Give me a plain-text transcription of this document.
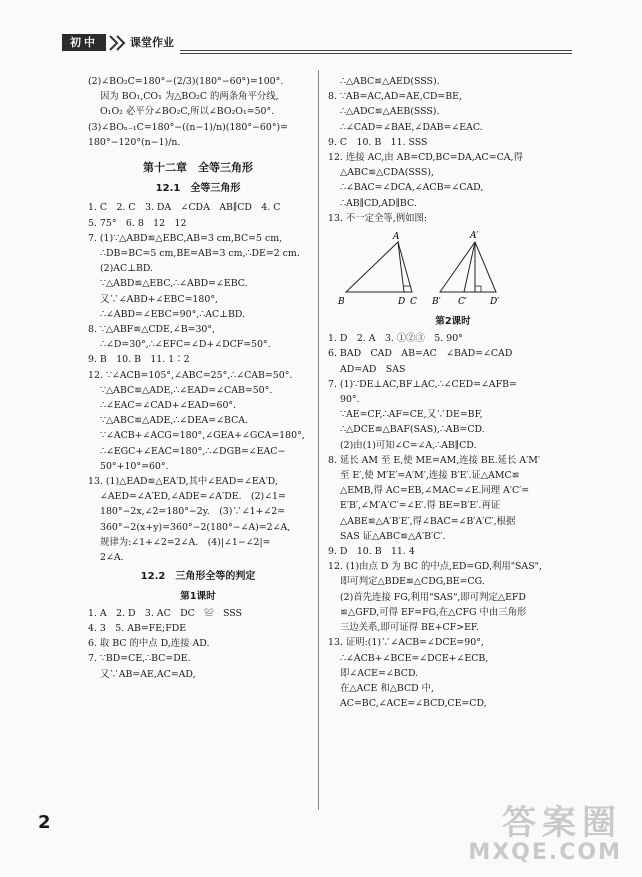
初中	课堂作业
(2)∠BO₂C=180°−(2/3)(180°−60°)=100°.
因为 BO₁,CO₁ 为△BO₂C 的两条角平分线,
O₁O₂ 必平分∠BO₂C,所以∠BO₂O₁=50°.
(3)∠BOₙ₋₁C=180°−((n−1)/n)(180°−60°)=
180°−120°(n−1)/n.
第十二章　全等三角形
12.1　全等三角形
1. C　2. C　3. DA　∠CDA　AB∥CD　4. C
5. 75°　6. 8　12　12
7. (1)∵△ABD≌△EBC,AB=3 cm,BC=5 cm,
∴DB=BC=5 cm,BE=AB=3 cm,∴DE=2 cm.
(2)AC⊥BD.
∵△ABD≌△EBC,∴∠ABD=∠EBC.
又∵∠ABD+∠EBC=180°,
∴∠ABD=∠EBC=90°,∴AC⊥BD.
8. ∵△ABF≌△CDE,∠B=30°,
∴∠D=30°,∴∠EFC=∠D+∠DCF=50°.
9. B　10. B　11. 1∶2
12. ∵∠ACB=105°,∠ABC=25°,∴∠CAB=50°.
∵△ABC≌△ADE,∴∠EAD=∠CAB=50°.
∴∠EAC=∠CAD+∠EAD=60°.
∵△ABC≌△ADE,∴∠DEA=∠BCA.
∵∠ACB+∠ACG=180°,∠GEA+∠GCA=180°,
∴∠EGC+∠EAC=180°,∴∠DGB=∠EAC−
50°+10°=60°.
13. (1)△EAD≌△EA′D,其中∠EAD=∠EA′D,
∠AED=∠A′ED,∠ADE=∠A′DE.　(2)∠1=
180°−2x,∠2=180°−2y.　(3)∵∠1+∠2=
360°−2(x+y)=360°−2(180°−∠A)=2∠A,
规律为:∠1+∠2=2∠A.　(4)|∠1−∠2|=
2∠A.
12.2　三角形全等的判定
第1课时
1. A　2. D　3. AC　DC　≌　SSS
4. 3　5. AB=FE;FDE
6. 取 BC 的中点 D,连接 AD.
7. ∵BD=CE,∴BC=DE.
又∵AB=AE,AC=AD,
∴△ABC≌△AED(SSS).
8. ∵AB=AC,AD=AE,CD=BE,
∴△ADC≌△AEB(SSS).
∴∠CAD=∠BAE,∠DAB=∠EAC.
9. C　10. B　11. SSS
12. 连接 AC,由 AB=CD,BC=DA,AC=CA,得
△ABC≌△CDA(SSS),
∴∠BAC=∠DCA,∠ACB=∠CAD,
∴AB∥CD,AD∥BC.
13. 不一定全等,例如图:
A
B	D C
A′
B′ C′	D′
第2课时
1. D　2. A　3. ①②③　5. 90°
6. BAD　CAD　AB=AC　∠BAD=∠CAD
AD=AD　SAS
7. (1)∵DE⊥AC,BF⊥AC,∴∠CED=∠AFB=
90°.
∵AE=CF,∴AF=CE,又∵DE=BF,
∴△DCE≌△BAF(SAS),∴AB=CD.
(2)由(1)可知∠C=∠A,∴AB∥CD.
8. 延长 AM 至 E,使 ME=AM,连接 BE.延长 A′M′
至 E′,使 M′E′=A′M′,连接 B′E′.证△AMC≌
△EMB,得 AC=EB,∠MAC=∠E.同理 A′C′=
E′B′,∠M′A′C′=∠E′.得 BE=B′E′.再证
△ABE≌△A′B′E′,得∠BAC=∠B′A′C′,根据
SAS 证△ABC≌△A′B′C′.
9. D　10. B　11. 4
12. (1)由点 D 为 BC 的中点,ED=GD,利用"SAS",
即可判定△BDE≌△CDG,BE=CG.
(2)首先连接 FG,利用"SAS",即可判定△EFD
≌△GFD,可得 EF=FG,在△CFG 中由三角形
三边关系,即可证得 BE+CF>EF.
13. 证明:(1)∵∠ACB=∠DCE=90°,
∴∠ACB+∠BCE=∠DCE+∠ECB,
即∠ACE=∠BCD.
在△ACE 和△BCD 中,
AC=BC,∠ACE=∠BCD,CE=CD,
2	答案圈
MXQE.COM
